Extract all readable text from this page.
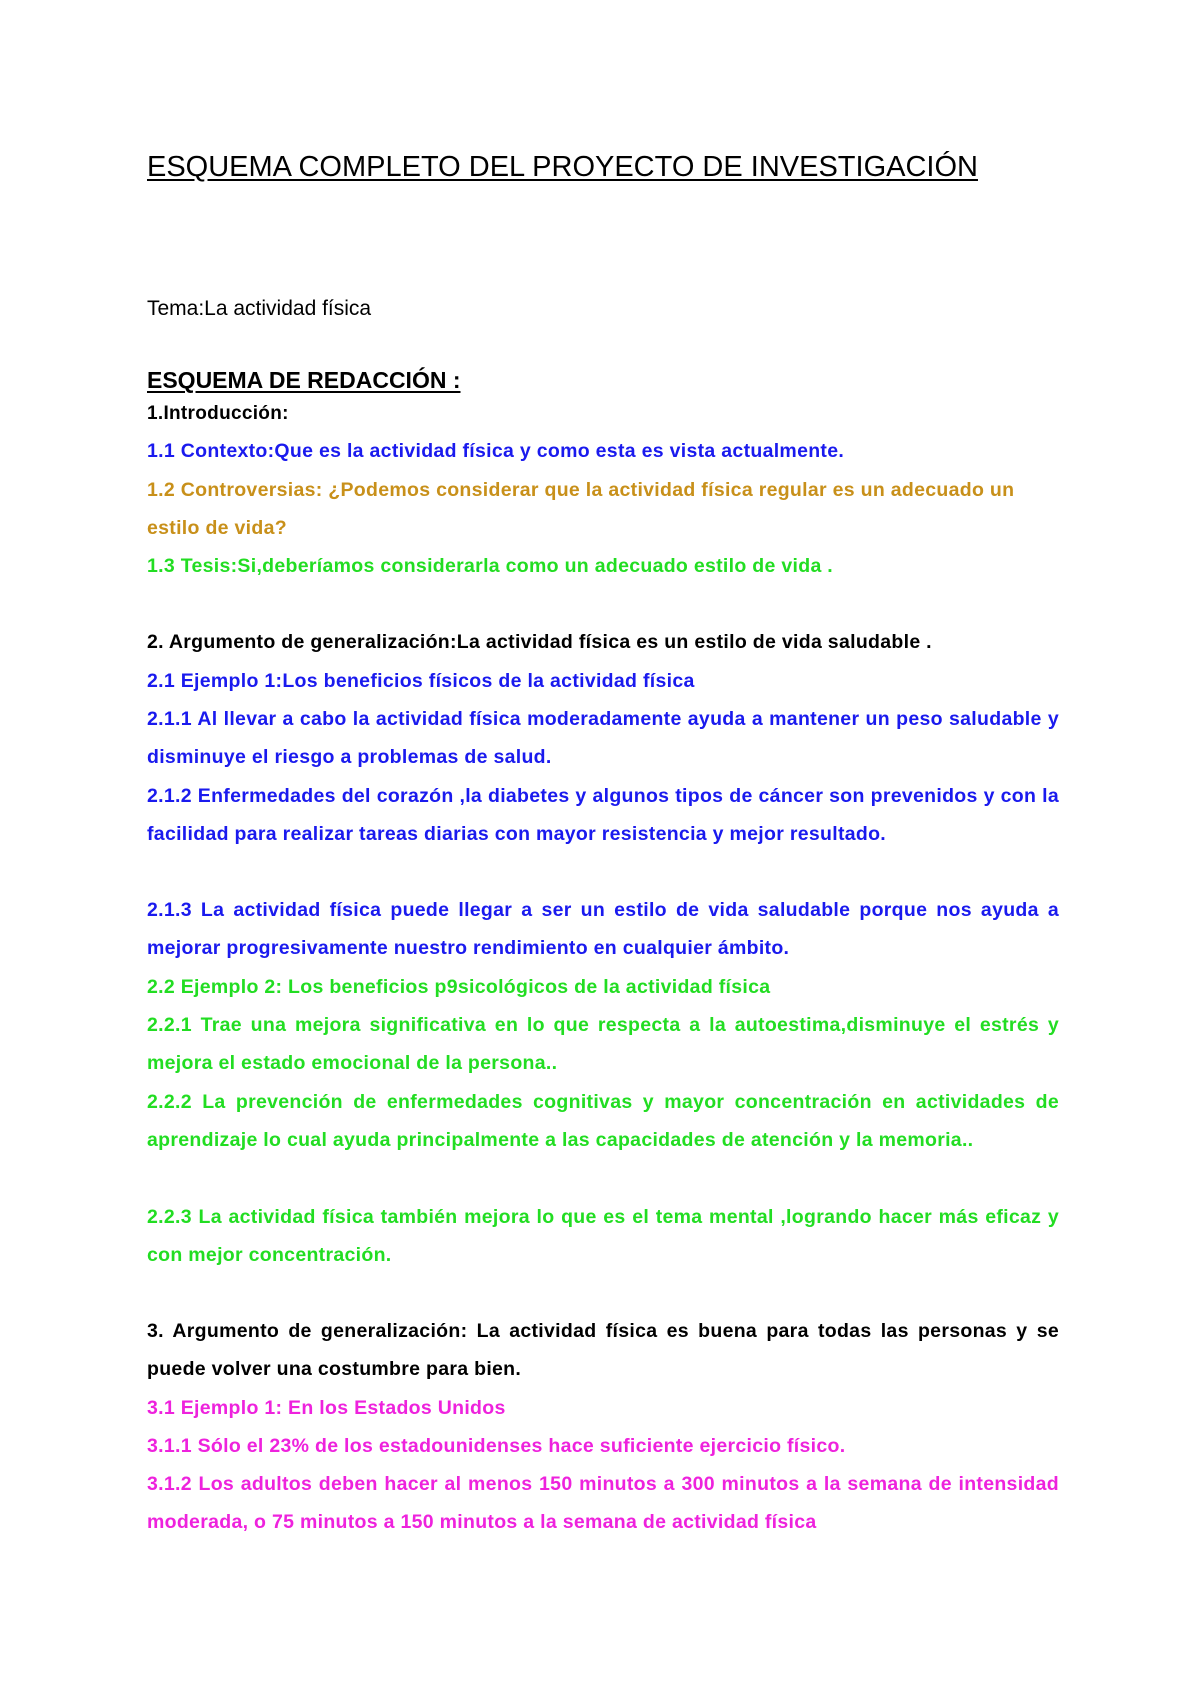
ESQUEMA COMPLETO DEL PROYECTO DE INVESTIGACIÓN
Tema:La actividad física
ESQUEMA DE REDACCIÓN :
1.Introducción:
1.1 Contexto:Que es la actividad física y como esta es vista actualmente.
1.2 Controversias: ¿Podemos considerar que la actividad física regular es un adecuado un estilo de vida?
1.3 Tesis:Si,deberíamos considerarla como un adecuado estilo de vida .
2. Argumento de generalización:La actividad física es un estilo de vida saludable .
2.1 Ejemplo 1:Los beneficios físicos de la actividad física
2.1.1 Al llevar a cabo la actividad física moderadamente ayuda a mantener un peso saludable y disminuye el riesgo a problemas de salud.
2.1.2 Enfermedades del corazón ,la diabetes y algunos tipos de cáncer son prevenidos y con la facilidad para realizar tareas diarias con mayor resistencia y mejor resultado.
2.1.3 La actividad física puede llegar a ser un estilo de vida saludable porque nos ayuda a mejorar progresivamente nuestro rendimiento en cualquier ámbito.
2.2 Ejemplo 2: Los beneficios p9sicológicos de la actividad física
2.2.1 Trae una mejora significativa en lo que respecta a la autoestima,disminuye el estrés y mejora el estado emocional de la persona..
2.2.2 La prevención de enfermedades cognitivas y mayor concentración en actividades de aprendizaje lo cual ayuda principalmente a las capacidades de atención y la memoria..
2.2.3 La actividad física también mejora lo que es el tema mental ,logrando hacer más eficaz y con mejor concentración.
3. Argumento de generalización: La actividad física es buena para todas las personas y se puede volver una costumbre para bien.
3.1 Ejemplo 1: En los Estados Unidos
3.1.1 Sólo el 23% de los estadounidenses hace suficiente ejercicio físico.
3.1.2 Los adultos deben hacer al menos 150 minutos a 300 minutos a la semana de intensidad moderada, o 75 minutos a 150 minutos a la semana de actividad física
